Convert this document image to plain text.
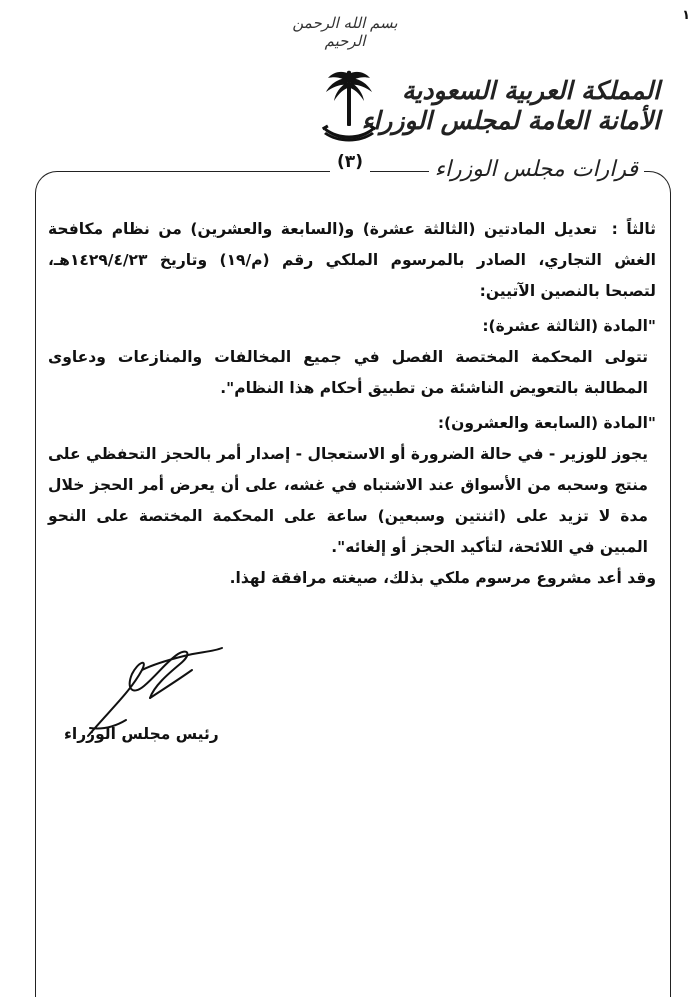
١
بسم الله الرحمن الرحيم
المملكة العربية السعودية
الأمانة العامة لمجلس الوزراء
قرارات مجلس الوزراء
(٣)

ثالثاً : تعديل المادتين (الثالثة عشرة) و(السابعة والعشرين) من نظام مكافحة الغش التجاري، الصادر بالمرسوم الملكي رقم (م/١٩) وتاريخ ١٤٢٩/٤/٢٣هـ، لتصبحا بالنصين الآتيين:

"المادة (الثالثة عشرة):

تتولى المحكمة المختصة الفصل في جميع المخالفات والمنازعات ودعاوى المطالبة بالتعويض الناشئة من تطبيق أحكام هذا النظام".

"المادة (السابعة والعشرون):

يجوز للوزير - في حالة الضرورة أو الاستعجال - إصدار أمر بالحجز التحفظي على منتج وسحبه من الأسواق عند الاشتباه في غشه، على أن يعرض أمر الحجز خلال مدة لا تزيد على (اثنتين وسبعين) ساعة على المحكمة المختصة على النحو المبين في اللائحة، لتأكيد الحجز أو إلغائه".

وقد أعد مشروع مرسوم ملكي بذلك، صيغته مرافقة لهذا.

رئيس مجلس الوزراء
